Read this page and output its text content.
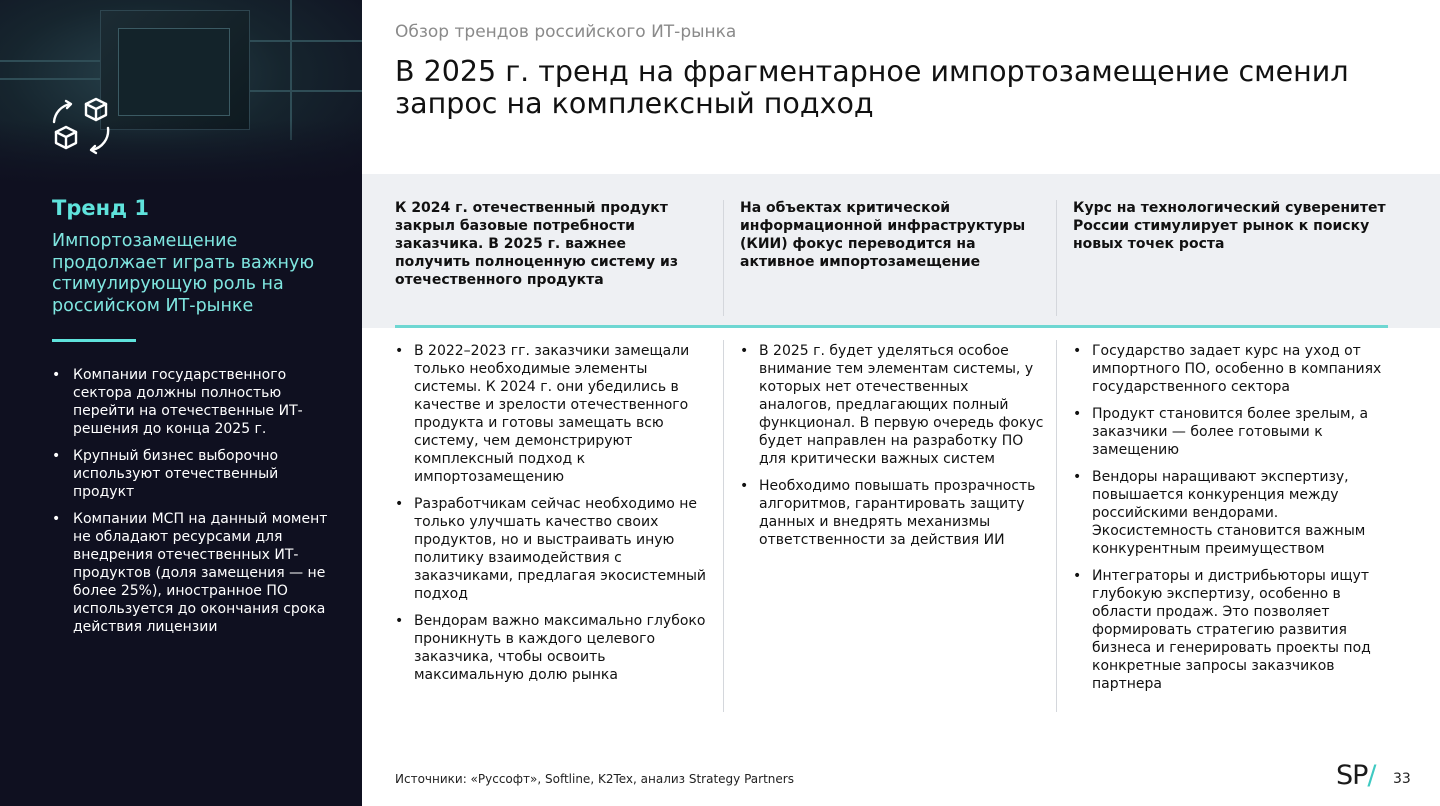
Тренд 1
Импортозамещение продолжает играть важную стимулирующую роль на российском ИТ-рынке
• Компании государственного сектора должны полностью перейти на отечественные ИТ-решения до конца 2025 г.
• Крупный бизнес выборочно используют отечественный продукт
• Компании МСП на данный момент не обладают ресурсами для внедрения отечественных ИТ-продуктов (доля замещения — не более 25%), иностранное ПО используется до окончания срока действия лицензии
Обзор трендов российского ИТ-рынка
В 2025 г. тренд на фрагментарное импортозамещение сменил запрос на комплексный подход
К 2024 г. отечественный продукт закрыл базовые потребности заказчика. В 2025 г. важнее получить полноценную систему из отечественного продукта
На объектах критической информационной инфраструктуры (КИИ) фокус переводится на активное импортозамещение
Курс на технологический суверенитет России стимулирует рынок к поиску новых точек роста
• В 2022–2023 гг. заказчики замещали только необходимые элементы системы. К 2024 г. они убедились в качестве и зрелости отечественного продукта и готовы замещать всю систему, чем демонстрируют комплексный подход к импортозамещению
• Разработчикам сейчас необходимо не только улучшать качество своих продуктов, но и выстраивать иную политику взаимодействия с заказчиками, предлагая экосистемный подход
• Вендорам важно максимально глубоко проникнуть в каждого целевого заказчика, чтобы освоить максимальную долю рынка
• В 2025 г. будет уделяться особое внимание тем элементам системы, у которых нет отечественных аналогов, предлагающих полный функционал. В первую очередь фокус будет направлен на разработку ПО для критически важных систем
• Необходимо повышать прозрачность алгоритмов, гарантировать защиту данных и внедрять механизмы ответственности за действия ИИ
• Государство задает курс на уход от импортного ПО, особенно в компаниях государственного сектора
• Продукт становится более зрелым, а заказчики — более готовыми к замещению
• Вендоры наращивают экспертизу, повышается конкуренция между российскими вендорами. Экосистемность становится важным конкурентным преимуществом
• Интеграторы и дистрибьюторы ищут глубокую экспертизу, особенно в области продаж. Это позволяет формировать стратегию развития бизнеса и генерировать проекты под конкретные запросы заказчиков партнера
Источники: «Руссофт», Softline, K2Tex, анализ Strategy Partners	SP/ 33
